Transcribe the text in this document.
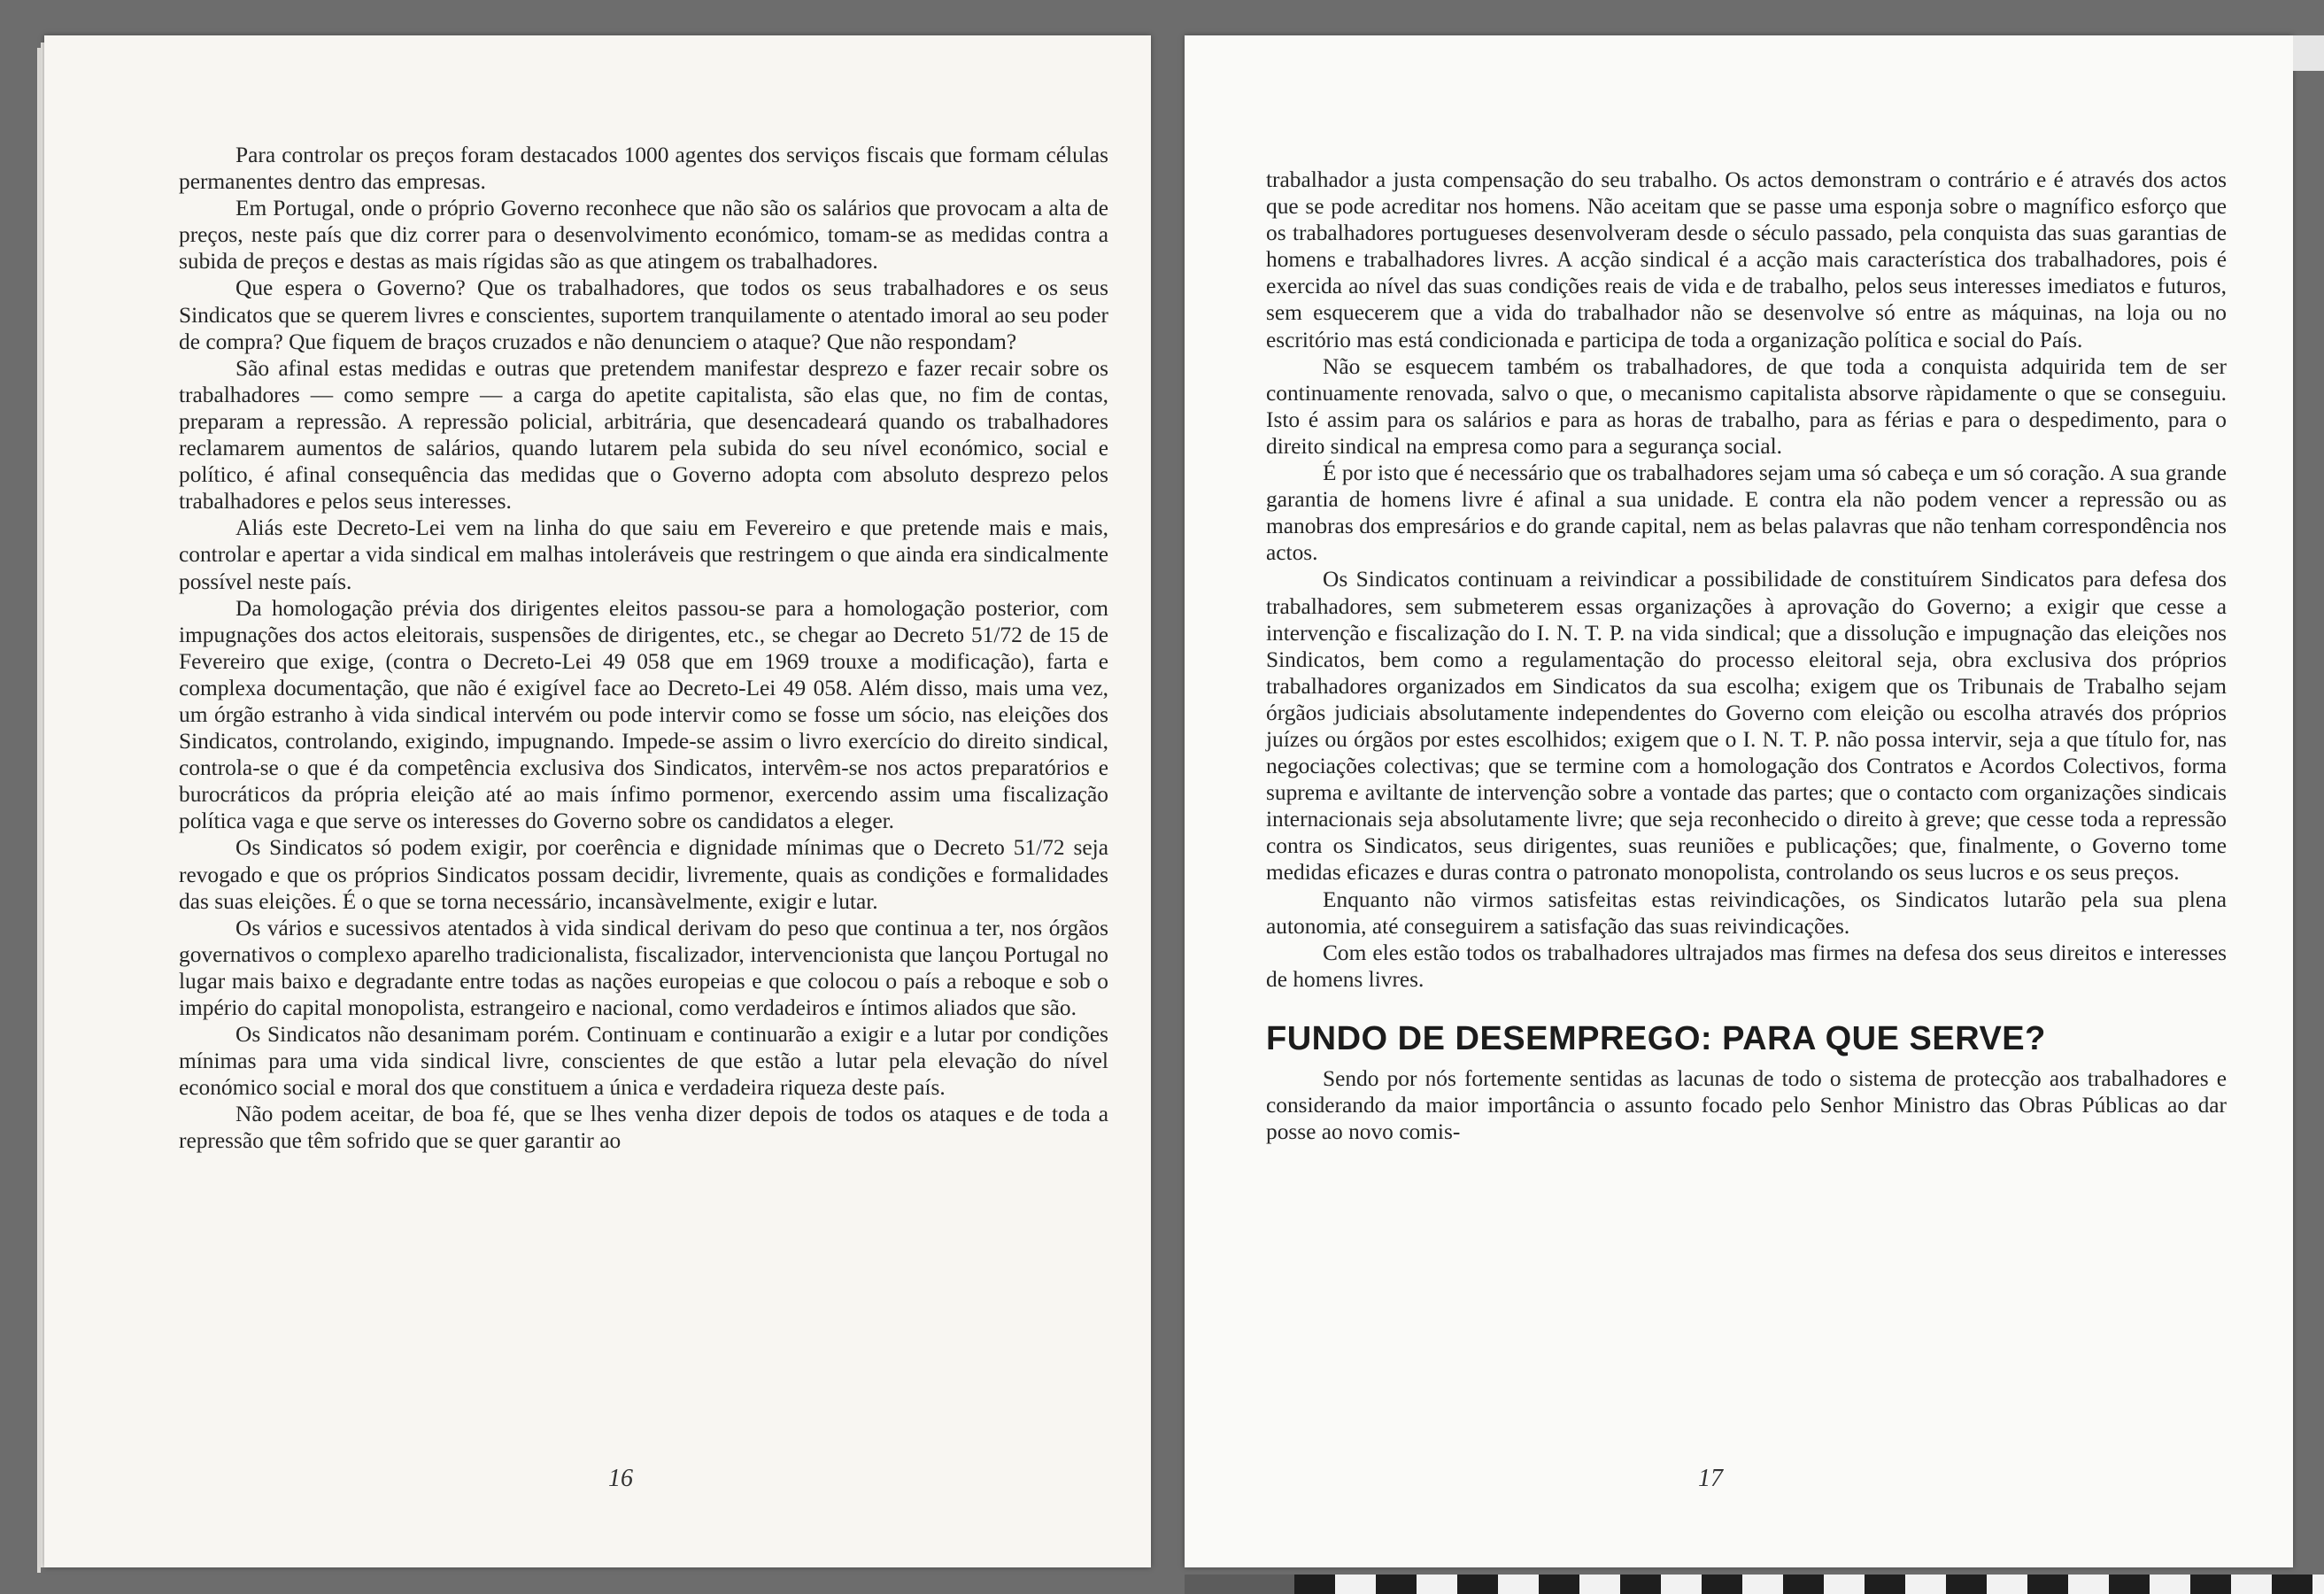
Para controlar os preços foram destacados 1000 agentes dos serviços fiscais que formam células permanentes dentro das empresas.

Em Portugal, onde o próprio Governo reconhece que não são os salários que provocam a alta de preços, neste país que diz correr para o desenvolvimento económico, tomam-se as medidas contra a subida de preços e destas as mais rígidas são as que atingem os trabalhadores.

Que espera o Governo? Que os trabalhadores, que todos os seus trabalhadores e os seus Sindicatos que se querem livres e conscientes, suportem tranquilamente o atentado imoral ao seu poder de compra? Que fiquem de braços cruzados e não denunciem o ataque? Que não respondam?

São afinal estas medidas e outras que pretendem manifestar desprezo e fazer recair sobre os trabalhadores — como sempre — a carga do apetite capitalista, são elas que, no fim de contas, preparam a repressão. A repressão policial, arbitrária, que desencadeará quando os trabalhadores reclamarem aumentos de salários, quando lutarem pela subida do seu nível económico, social e político, é afinal consequência das medidas que o Governo adopta com absoluto desprezo pelos trabalhadores e pelos seus interesses.

Aliás este Decreto-Lei vem na linha do que saiu em Fevereiro e que pretende mais e mais, controlar e apertar a vida sindical em malhas intoleráveis que restringem o que ainda era sindicalmente possível neste país.

Da homologação prévia dos dirigentes eleitos passou-se para a homologação posterior, com impugnações dos actos eleitorais, suspensões de dirigentes, etc., se chegar ao Decreto 51/72 de 15 de Fevereiro que exige, (contra o Decreto-Lei 49 058 que em 1969 trouxe a modificação), farta e complexa documentação, que não é exigível face ao Decreto-Lei 49 058. Além disso, mais uma vez, um órgão estranho à vida sindical intervém ou pode intervir como se fosse um sócio, nas eleições dos Sindicatos, controlando, exigindo, impugnando. Impede-se assim o livro exercício do direito sindical, controla-se o que é da competência exclusiva dos Sindicatos, intervêm-se nos actos preparatórios e burocráticos da própria eleição até ao mais ínfimo pormenor, exercendo assim uma fiscalização política vaga e que serve os interesses do Governo sobre os candidatos a eleger.

Os Sindicatos só podem exigir, por coerência e dignidade mínimas que o Decreto 51/72 seja revogado e que os próprios Sindicatos possam decidir, livremente, quais as condições e formalidades das suas eleições. É o que se torna necessário, incansàvelmente, exigir e lutar.

Os vários e sucessivos atentados à vida sindical derivam do peso que continua a ter, nos órgãos governativos o complexo aparelho tradicionalista, fiscalizador, intervencionista que lançou Portugal no lugar mais baixo e degradante entre todas as nações europeias e que colocou o país a reboque e sob o império do capital monopolista, estrangeiro e nacional, como verdadeiros e íntimos aliados que são.

Os Sindicatos não desanimam porém. Continuam e continuarão a exigir e a lutar por condições mínimas para uma vida sindical livre, conscientes de que estão a lutar pela elevação do nível económico social e moral dos que constituem a única e verdadeira riqueza deste país.

Não podem aceitar, de boa fé, que se lhes venha dizer depois de todos os ataques e de toda a repressão que têm sofrido que se quer garantir ao

16

trabalhador a justa compensação do seu trabalho. Os actos demonstram o contrário e é através dos actos que se pode acreditar nos homens. Não aceitam que se passe uma esponja sobre o magnífico esforço que os trabalhadores portugueses desenvolveram desde o século passado, pela conquista das suas garantias de homens e trabalhadores livres. A acção sindical é a acção mais característica dos trabalhadores, pois é exercida ao nível das suas condições reais de vida e de trabalho, pelos seus interesses imediatos e futuros, sem esquecerem que a vida do trabalhador não se desenvolve só entre as máquinas, na loja ou no escritório mas está condicionada e participa de toda a organização política e social do País.

Não se esquecem também os trabalhadores, de que toda a conquista adquirida tem de ser continuamente renovada, salvo o que, o mecanismo capitalista absorve ràpidamente o que se conseguiu. Isto é assim para os salários e para as horas de trabalho, para as férias e para o despedimento, para o direito sindical na empresa como para a segurança social.

É por isto que é necessário que os trabalhadores sejam uma só cabeça e um só coração. A sua grande garantia de homens livre é afinal a sua unidade. E contra ela não podem vencer a repressão ou as manobras dos empresários e do grande capital, nem as belas palavras que não tenham correspondência nos actos.

Os Sindicatos continuam a reivindicar a possibilidade de constituírem Sindicatos para defesa dos trabalhadores, sem submeterem essas organizações à aprovação do Governo; a exigir que cesse a intervenção e fiscalização do I. N. T. P. na vida sindical; que a dissolução e impugnação das eleições nos Sindicatos, bem como a regulamentação do processo eleitoral seja, obra exclusiva dos próprios trabalhadores organizados em Sindicatos da sua escolha; exigem que os Tribunais de Trabalho sejam órgãos judiciais absolutamente independentes do Governo com eleição ou escolha através dos próprios juízes ou órgãos por estes escolhidos; exigem que o I. N. T. P. não possa intervir, seja a que título for, nas negociações colectivas; que se termine com a homologação dos Contratos e Acordos Colectivos, forma suprema e aviltante de intervenção sobre a vontade das partes; que o contacto com organizações sindicais internacionais seja absolutamente livre; que seja reconhecido o direito à greve; que cesse toda a repressão contra os Sindicatos, seus dirigentes, suas reuniões e publicações; que, finalmente, o Governo tome medidas eficazes e duras contra o patronato monopolista, controlando os seus lucros e os seus preços.

Enquanto não virmos satisfeitas estas reivindicações, os Sindicatos lutarão pela sua plena autonomia, até conseguirem a satisfação das suas reivindicações.

Com eles estão todos os trabalhadores ultrajados mas firmes na defesa dos seus direitos e interesses de homens livres.

FUNDO DE DESEMPREGO: PARA QUE SERVE?

Sendo por nós fortemente sentidas as lacunas de todo o sistema de protecção aos trabalhadores e considerando da maior importância o assunto focado pelo Senhor Ministro das Obras Públicas ao dar posse ao novo comis-

17
